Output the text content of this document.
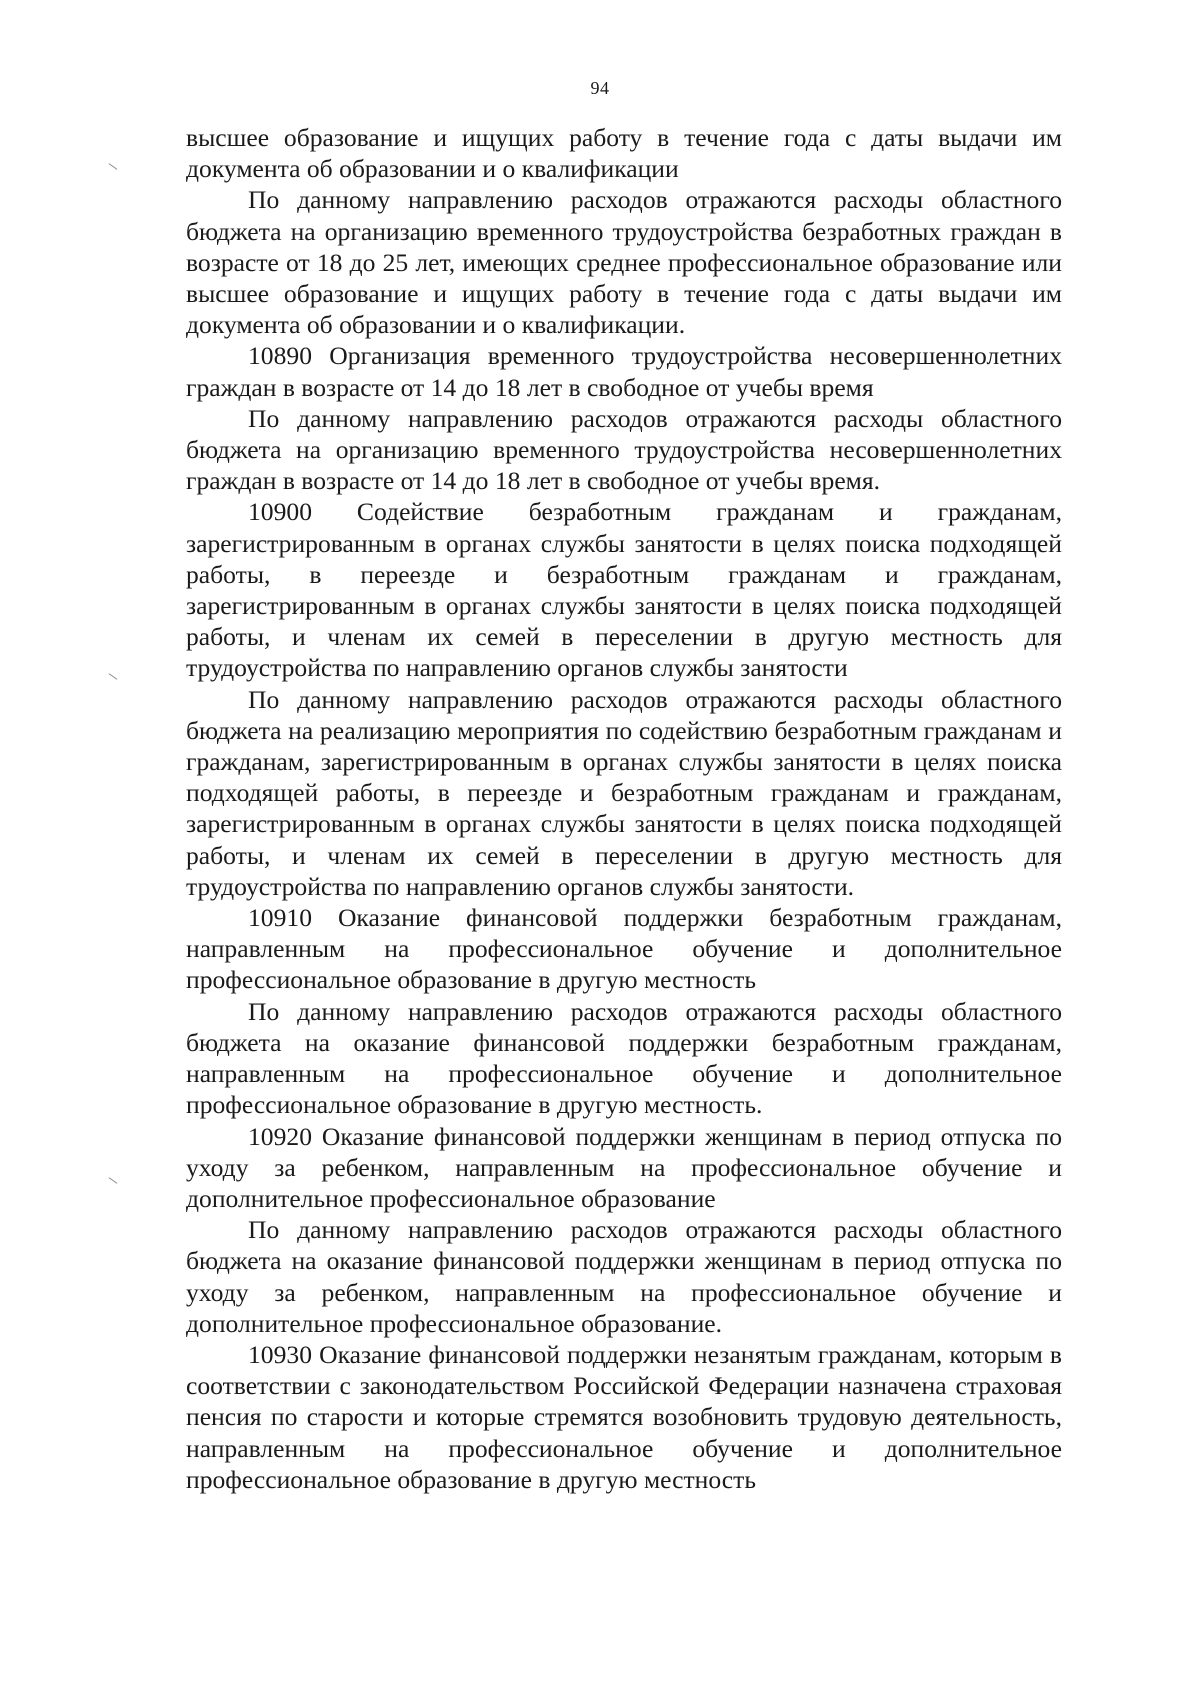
94

высшее образование и ищущих работу в течение года с даты выдачи им документа об образовании и о квалификации

По данному направлению расходов отражаются расходы областного бюджета на организацию временного трудоустройства безработных граждан в возрасте от 18 до 25 лет, имеющих среднее профессиональное образование или высшее образование и ищущих работу в течение года с даты выдачи им документа об образовании и о квалификации.

10890 Организация временного трудоустройства несовершеннолетних граждан в возрасте от 14 до 18 лет в свободное от учебы время

По данному направлению расходов отражаются расходы областного бюджета на организацию временного трудоустройства несовершеннолетних граждан в возрасте от 14 до 18 лет в свободное от учебы время.

10900 Содействие безработным гражданам и гражданам, зарегистрированным в органах службы занятости в целях поиска подходящей работы, в переезде и безработным гражданам и гражданам, зарегистрированным в органах службы занятости в целях поиска подходящей работы, и членам их семей в переселении в другую местность для трудоустройства по направлению органов службы занятости

По данному направлению расходов отражаются расходы областного бюджета на реализацию мероприятия по содействию безработным гражданам и гражданам, зарегистрированным в органах службы занятости в целях поиска подходящей работы, в переезде и безработным гражданам и гражданам, зарегистрированным в органах службы занятости в целях поиска подходящей работы, и членам их семей в переселении в другую местность для трудоустройства по направлению органов службы занятости.

10910 Оказание финансовой поддержки безработным гражданам, направленным на профессиональное обучение и дополнительное профессиональное образование в другую местность

По данному направлению расходов отражаются расходы областного бюджета на оказание финансовой поддержки безработным гражданам, направленным на профессиональное обучение и дополнительное профессиональное образование в другую местность.

10920 Оказание финансовой поддержки женщинам в период отпуска по уходу за ребенком, направленным на профессиональное обучение и дополнительное профессиональное образование

По данному направлению расходов отражаются расходы областного бюджета на оказание финансовой поддержки женщинам в период отпуска по уходу за ребенком, направленным на профессиональное обучение и дополнительное профессиональное образование.

10930 Оказание финансовой поддержки незанятым гражданам, которым в соответствии с законодательством Российской Федерации назначена страховая пенсия по старости и которые стремятся возобновить трудовую деятельность, направленным на профессиональное обучение и дополнительное профессиональное образование в другую местность
